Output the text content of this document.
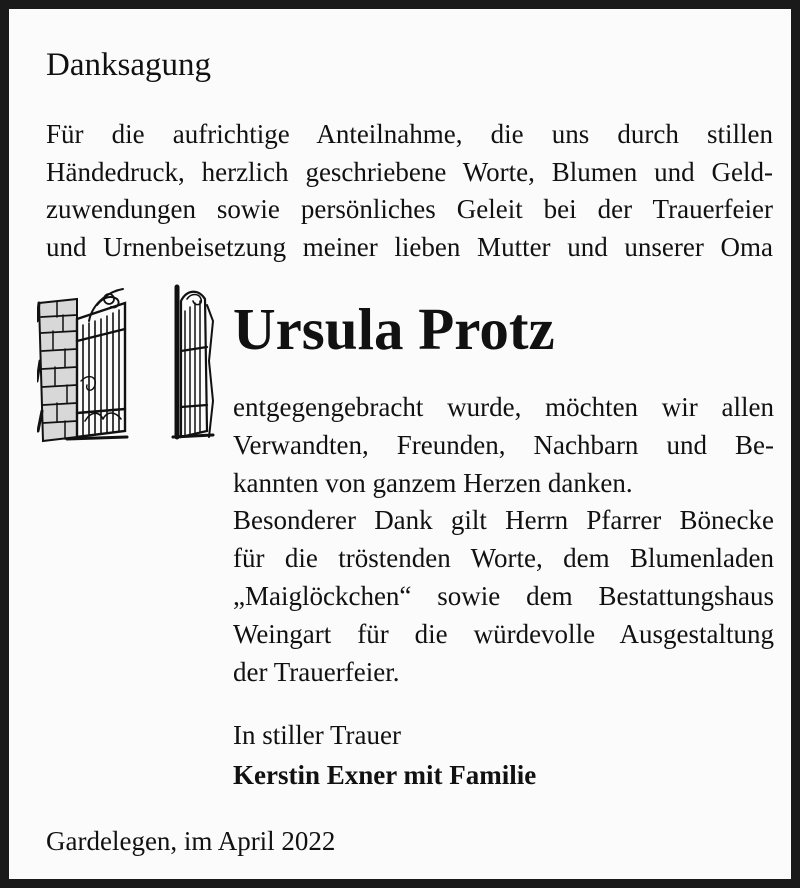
Danksagung

Für die aufrichtige Anteilnahme, die uns durch stillen
Händedruck, herzlich geschriebene Worte, Blumen und Geld-
zuwendungen sowie persönliches Geleit bei der Trauerfeier
und Urnenbeisetzung meiner lieben Mutter und unserer Oma

Ursula Protz

entgegengebracht wurde, möchten wir allen
Verwandten, Freunden, Nachbarn und Be-
kannten von ganzem Herzen danken.
Besonderer Dank gilt Herrn Pfarrer Bönecke
für die tröstenden Worte, dem Blumenladen
„Maiglöckchen“ sowie dem Bestattungshaus
Weingart für die würdevolle Ausgestaltung
der Trauerfeier.

In stiller Trauer
Kerstin Exner mit Familie
Gardelegen, im April 2022
